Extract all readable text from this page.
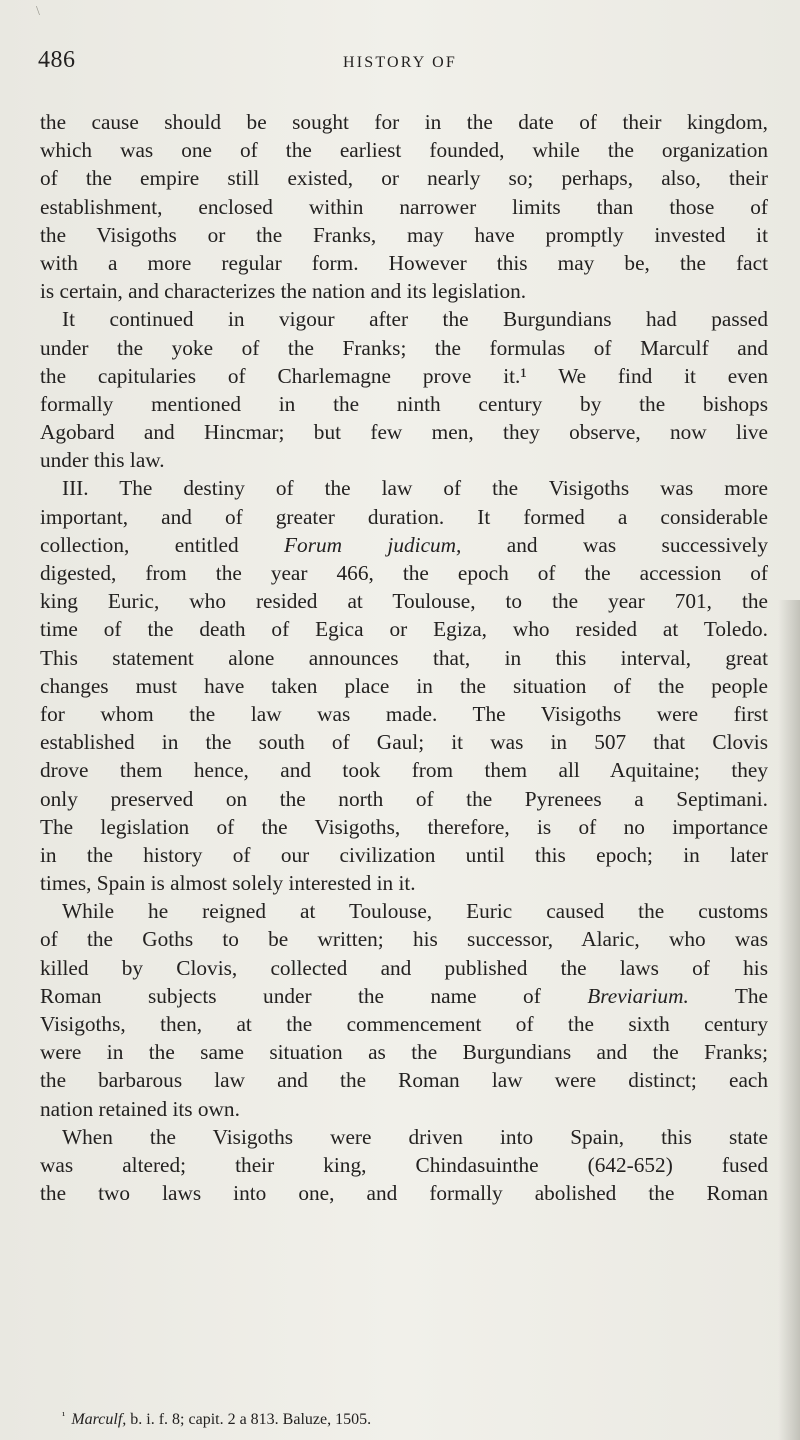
\
486	HISTORY OF
the cause should be sought for in the date of their kingdom,
which was one of the earliest founded, while the organization
of the empire still existed, or nearly so; perhaps, also, their
establishment, enclosed within narrower limits than those of
the Visigoths or the Franks, may have promptly invested it
with a more regular form. However this may be, the fact
is certain, and characterizes the nation and its legislation.
It continued in vigour after the Burgundians had passed
under the yoke of the Franks; the formulas of Marculf and
the capitularies of Charlemagne prove it.¹ We find it even
formally mentioned in the ninth century by the bishops
Agobard and Hincmar; but few men, they observe, now live
under this law.
III. The destiny of the law of the Visigoths was more
important, and of greater duration. It formed a considerable
collection, entitled Forum judicum, and was successively
digested, from the year 466, the epoch of the accession of
king Euric, who resided at Toulouse, to the year 701, the
time of the death of Egica or Egiza, who resided at Toledo.
This statement alone announces that, in this interval, great
changes must have taken place in the situation of the people
for whom the law was made. The Visigoths were first
established in the south of Gaul; it was in 507 that Clovis
drove them hence, and took from them all Aquitaine; they
only preserved on the north of the Pyrenees a Septimani.
The legislation of the Visigoths, therefore, is of no importance
in the history of our civilization until this epoch; in later
times, Spain is almost solely interested in it.
While he reigned at Toulouse, Euric caused the customs
of the Goths to be written; his successor, Alaric, who was
killed by Clovis, collected and published the laws of his
Roman subjects under the name of Breviarium. The
Visigoths, then, at the commencement of the sixth century
were in the same situation as the Burgundians and the Franks;
the barbarous law and the Roman law were distinct; each
nation retained its own.
When the Visigoths were driven into Spain, this state
was altered; their king, Chindasuinthe (642-652) fused
the two laws into one, and formally abolished the Roman
$^{^1}$ Marculf, b. i. f. 8; capit. 2 a 813. Baluze, 1505.
